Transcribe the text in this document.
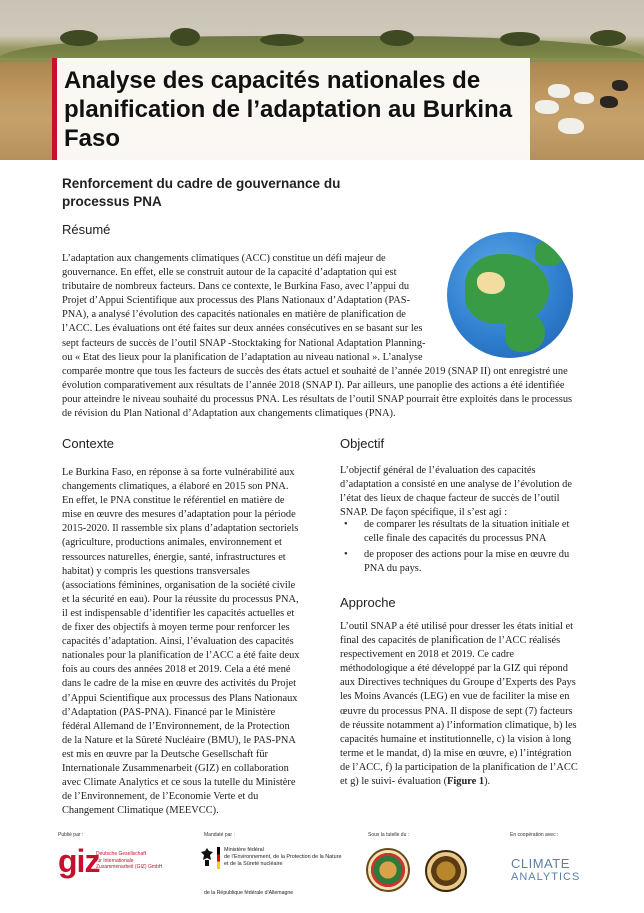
Analyse des capacités nationales de planification de l’adaptation au Burkina Faso
Renforcement du cadre de gouvernance du processus PNA
Résumé
L’adaptation aux changements climatiques (ACC) constitue un défi majeur de
gouvernance. En effet, elle se construit autour de la capacité d’adaptation qui est
tributaire de nombreux facteurs. Dans ce contexte, le Burkina Faso, avec l’appui du
Projet d’Appui Scientifique aux processus des Plans Nationaux d’Adaptation (PAS-
PNA), a analysé l’évolution des capacités nationales en matière de planification de
l’ACC. Les évaluations ont été faites sur deux années consécutives en se basant sur les
sept facteurs de succès de l’outil SNAP -Stocktaking for National Adaptation Planning-
ou « Etat des lieux pour la planification de l’adaptation au niveau national ». L’analyse
comparée montre que tous les facteurs de succès des états actuel et souhaité de l’année 2019 (SNAP II) ont enregistré une
évolution comparativement aux résultats de l’année 2018 (SNAP I). Par ailleurs, une panoplie des actions a été identifiée
pour atteindre le niveau souhaité du processus PNA. Les résultats de l’outil SNAP pourrait être exploités dans le processus
de révision du Plan National d’Adaptation aux changements climatiques (PNA).
Contexte
Le Burkina Faso, en réponse à sa forte vulnérabilité aux
changements climatiques, a élaboré en 2015 son PNA.
En effet, le PNA constitue le référentiel en matière de
mise en œuvre des mesures d’adaptation pour la période
2015-2020. Il rassemble six plans d’adaptation sectoriels
(agriculture, productions animales, environnement et
ressources naturelles, énergie, santé, infrastructures et
habitat) y compris les questions transversales
(associations féminines, organisation de la société civile
et la sécurité en eau). Pour la réussite du processus PNA,
il est indispensable d’identifier les capacités actuelles et
de fixer des objectifs à moyen terme pour renforcer les
capacités d’adaptation. Ainsi, l’évaluation des capacités
nationales pour la planification de l’ACC a été faite deux
fois au cours des années 2018 et 2019. Cela a été mené
dans le cadre de la mise en œuvre des activités du Projet
d’Appui Scientifique aux processus des Plans Nationaux
d’Adaptation (PAS-PNA). Financé par le Ministère
fédéral Allemand de l’Environnement, de la Protection
de la Nature et la Sûreté Nucléaire (BMU), le PAS-PNA
est mis en œuvre par la Deutsche Gesellschaft für
Internationale Zusammenarbeit (GIZ) en collaboration
avec Climate Analytics et ce sous la tutelle du Ministère
de l’Environnement, de l’Economie Verte et du
Changement Climatique (MEEVCC).
Objectif
L’objectif général de l’évaluation des capacités
d’adaptation a consisté en une analyse de l’évolution de
l’état des lieux de chaque facteur de succès de l’outil
SNAP. De façon spécifique, il s’est agi :
• de comparer les résultats de la situation initiale et
celle finale des capacités du processus PNA
• de proposer des actions pour la mise en œuvre du
PNA du pays.
Approche
L’outil SNAP a été utilisé pour dresser les états initial et
final des capacités de planification de l’ACC réalisés
respectivement en 2018 et 2019. Ce cadre
méthodologique a été développé par la GIZ qui répond
aux Directives techniques du Groupe d’Experts des Pays
les Moins Avancés (LEG) en vue de faciliter la mise en
œuvre du processus PNA. Il dispose de sept (7) facteurs
de réussite notamment a) l’information climatique, b) les
capacités humaine et institutionnelle, c) la vision à long
terme et le mandat, d) la mise en œuvre, e) l’intégration
de l’ACC, f) la participation de la planification de l’ACC
et g) le suivi- évaluation (Figure 1).
Publié par :
giz
Deutsche Gesellschaft
für Internationale
Zusammenarbeit (GIZ) GmbH
Mandaté par :
Ministère fédéral
de l’Environnement, de la Protection de la Nature
et de la Sûreté nucléaire
de la République fédérale d’Allemagne
Sous la tutelle du :	En coopération avec :
CLIMATE
ANALYTICS
